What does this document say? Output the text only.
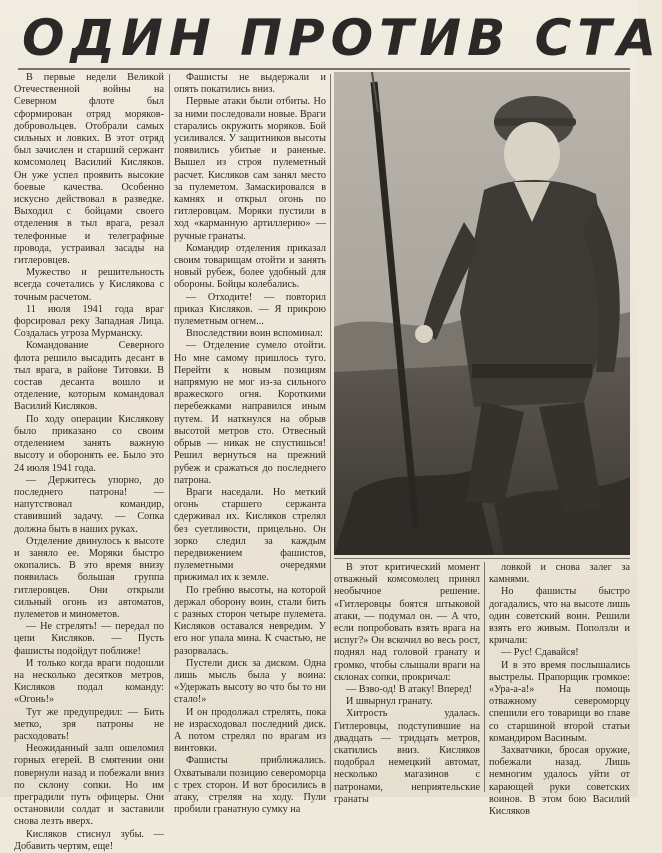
ОДИН ПРОТИВ СТА

В первые недели Великой Отечественной войны на Северном флоте был сформирован отряд моряков-добровольцев. Отобрали самых сильных и ловких. В этот отряд был зачислен и старший сержант комсомолец Василий Кисляков. Он уже успел проявить высокие боевые качества. Особенно искусно действовал в разведке. Выходил с бойцами своего отделения в тыл врага, резал телефонные и телеграфные провода, устраивал засады на гитлеровцев.

Мужество и решительность всегда сочетались у Кислякова с точным расчетом.

11 июля 1941 года враг форсировал реку Западная Лица. Создалась угроза Мурманску.

Командование Северного флота решило высадить десант в тыл врага, в районе Титовки. В состав десанта вошло и отделение, которым командовал Василий Кисляков.

По ходу операции Кислякову было приказано со своим отделением занять важную высоту и оборонять ее. Было это 24 июля 1941 года.

— Держитесь упорно, до последнего патрона! — напутствовал командир, ставивший задачу. — Сопка должна быть в наших руках.

Отделение двинулось к высоте и заняло ее. Моряки быстро окопались. В это время внизу появилась большая группа гитлеровцев. Они открыли сильный огонь из автоматов, пулеметов и минометов.

— Не стрелять! — передал по цепи Кисляков. — Пусть фашисты подойдут поближе!

И только когда враги подошли на несколько десятков метров, Кисляков подал команду: «Огонь!»

Тут же предупредил: — Бить метко, зря патроны не расходовать!

Неожиданный залп ошеломил горных егерей. В смятении они повернули назад и побежали вниз по склону сопки. Но им преградили путь офицеры. Они остановили солдат и заставили снова лезть вверх.

Кисляков стиснул зубы. — Добавить чертям, еще!

Фашисты не выдержали и опять покатились вниз.

Первые атаки были отбиты. Но за ними последовали новые. Враги старались окружить моряков. Бой усиливался. У защитников высоты появились убитые и раненые. Вышел из строя пулеметный расчет. Кисляков сам занял место за пулеметом. Замаскировался в камнях и открыл огонь по гитлеровцам. Моряки пустили в ход «карманную артиллерию» — ручные гранаты.

Командир отделения приказал своим товарищам отойти и занять новый рубеж, более удобный для обороны. Бойцы колебались.

— Отходите! — повторил приказ Кисляков. — Я прикрою пулеметным огнем...

Впоследствии воин вспоминал:

— Отделение сумело отойти. Но мне самому пришлось туго. Перейти к новым позициям напрямую не мог из-за сильного вражеского огня. Короткими перебежками направился иным путем. И наткнулся на обрыв высотой метров сто. Отвесный обрыв — никак не спустишься! Решил вернуться на прежний рубеж и сражаться до последнего патрона.

Враги наседали. Но меткий огонь старшего сержанта сдерживал их. Кисляков стрелял без суетливости, прицельно. Он зорко следил за каждым передвижением фашистов, пулеметными очередями прижимал их к земле.

По гребню высоты, на которой держал оборону воин, стали бить с разных сторон четыре пулемета. Кисляков оставался невредим. У его ног упала мина. К счастью, не разорвалась.

Пустели диск за диском. Одна лишь мысль была у воина: «Удержать высоту во что бы то ни стало!»

И он продолжал стрелять, пока не израсходовал последний диск. А потом стрелял по врагам из винтовки.

Фашисты приближались. Охватывали позицию североморца с трех сторон. И вот бросились в атаку, стреляя на ходу. Пули пробили гранатную сумку на

В этот критический момент отважный комсомолец принял необычное решение. «Гитлеровцы боятся штыковой атаки, — подумал он. — А что, если попробовать взять врага на испуг?» Он вскочил во весь рост, поднял над головой гранату и громко, чтобы слышали враги на склонах сопки, прокричал:

— Взво-од! В атаку! Вперед!

И швырнул гранату.

Хитрость удалась. Гитлеровцы, подступившие на двадцать — тридцать метров, скатились вниз. Кисляков подобрал немецкий автомат, несколько магазинов с патронами, неприятельские гранаты

ловкой и снова залег за камнями.

Но фашисты быстро догадались, что на высоте лишь один советский воин. Решили взять его живым. Поползли и кричали:

— Рус! Сдавайся!

И в это время послышались выстрелы. Прапорщик громкое: «Ура-а-а!» На помощь отважному североморцу спешили его товарищи во главе со старшиной второй статьи командиром Васиным.

Захватчики, бросая оружие, побежали назад. Лишь немногим удалось уйти от карающей руки советских воинов. В этом бою Василий Кисляков
